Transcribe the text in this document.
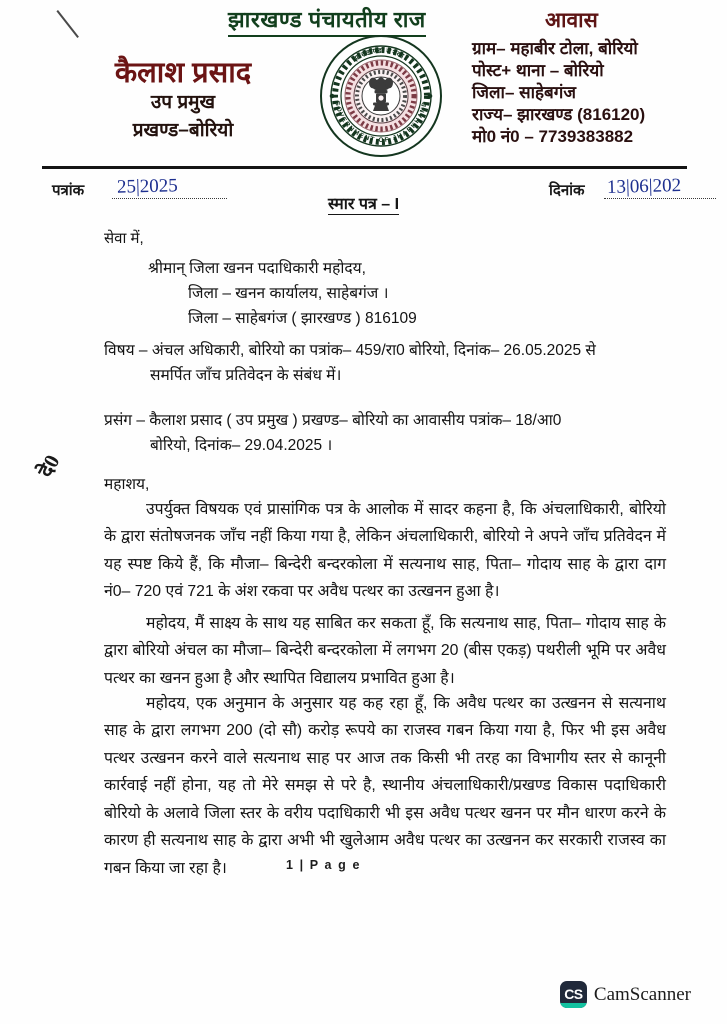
झारखण्ड पंचायतीय राज	आवास
कैलाश प्रसाद
उप प्रमुख
प्रखण्ड–बोरियो
झारखण्ड सरकार
GOVERNMENT OF JHARKHAND
ग्राम– महाबीर टोला, बोरियो
पोस्ट+ थाना – बोरियो
जिला– साहेबगंज
राज्य– झारखण्ड (816120)
मो0 नं0 – 7739383882
पत्रांक 25|2025
स्मार पत्र – I
दिनांक 13|06|202
सेवा में,
श्रीमान् जिला खनन पदाधिकारी महोदय,
जिला – खनन कार्यालय, साहेबगंज ।
जिला – साहेबगंज ( झारखण्ड ) 816109
विषय – अंचल अधिकारी, बोरियो का पत्रांक– 459/रा0 बोरियो, दिनांक– 26.05.2025 से
समर्पित जाँच प्रतिवेदन के संबंध में।
प्रसंग – कैलाश प्रसाद ( उप प्रमुख ) प्रखण्ड– बोरियो का आवासीय पत्रांक– 18/आ0
बोरियो, दिनांक– 29.04.2025 ।
महाशय,
उपर्युक्त विषयक एवं प्रासांगिक पत्र के आलोक में सादर कहना है, कि अंचलाधिकारी, बोरियो के द्वारा संतोषजनक जाँच नहीं किया गया है, लेकिन अंचलाधिकारी, बोरियो ने अपने जाँच प्रतिवेदन में यह स्पष्ट किये हैं, कि मौजा– बिन्देरी बन्दरकोला में सत्यनाथ साह, पिता– गोदाय साह के द्वारा दाग नं0– 720 एवं 721 के अंश रकवा पर अवैध पत्थर का उत्खनन हुआ है।
महोदय, मैं साक्ष्य के साथ यह साबित कर सकता हूँ, कि सत्यनाथ साह, पिता– गोदाय साह के द्वारा बोरियो अंचल का मौजा– बिन्देरी बन्दरकोला में लगभग 20 (बीस एकड़) पथरीली भूमि पर अवैध पत्थर का खनन हुआ है और स्थापित विद्यालय प्रभावित हुआ है।
महोदय, एक अनुमान के अनुसार यह कह रहा हूँ, कि अवैध पत्थर का उत्खनन से सत्यनाथ साह के द्वारा लगभग 200 (दो सौ) करोड़ रूपये का राजस्व गबन किया गया है, फिर भी इस अवैध पत्थर उत्खनन करने वाले सत्यनाथ साह पर आज तक किसी भी तरह का विभागीय स्तर से कानूनी कार्रवाई नहीं होना, यह तो मेरे समझ से परे है, स्थानीय अंचलाधिकारी/प्रखण्ड विकास पदाधिकारी बोरियो के अलावे जिला स्तर के वरीय पदाधिकारी भी इस अवैध पत्थर खनन पर मौन धारण करने के कारण ही सत्यनाथ साह के द्वारा अभी भी खुलेआम अवैध पत्थर का उत्खनन कर सरकारी राजस्व का गबन किया जा रहा है।
दे0
1 | P a g e
CS CamScanner
